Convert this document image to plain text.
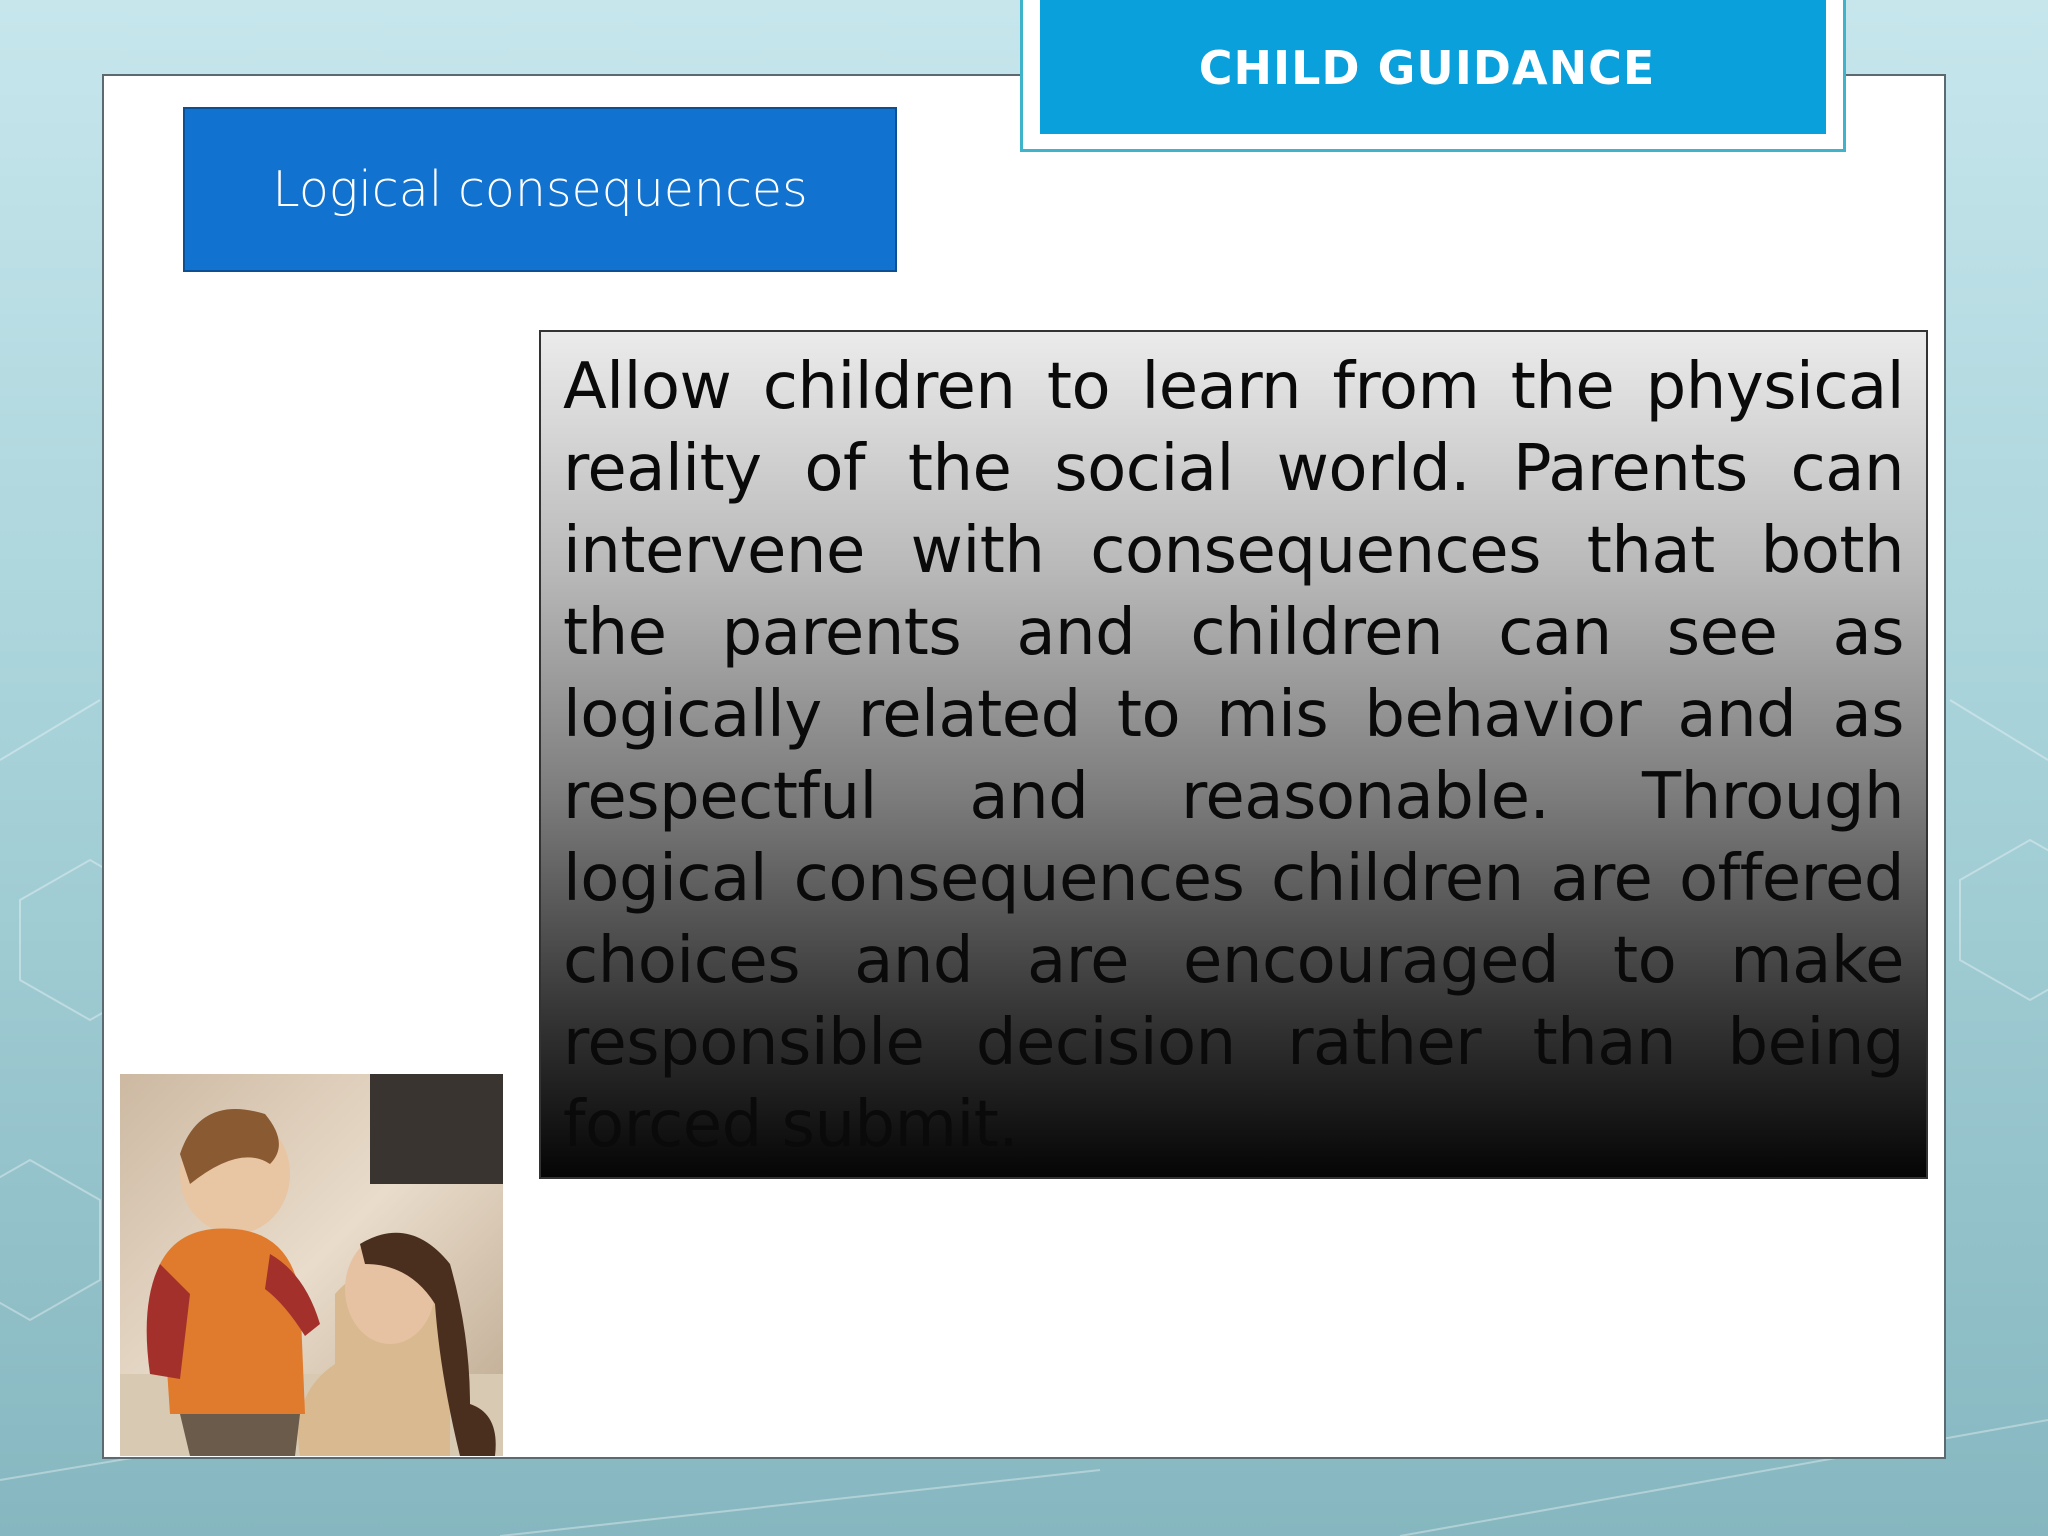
CHILD GUIDANCE
Logical consequences

Allow children to learn from the physical reality of the social world. Parents can intervene with consequences that both the parents and children can see as logically related to mis behavior and as respectful and reasonable. Through logical consequences children are offered choices and are encouraged to make responsible decision rather than being forced submit.
